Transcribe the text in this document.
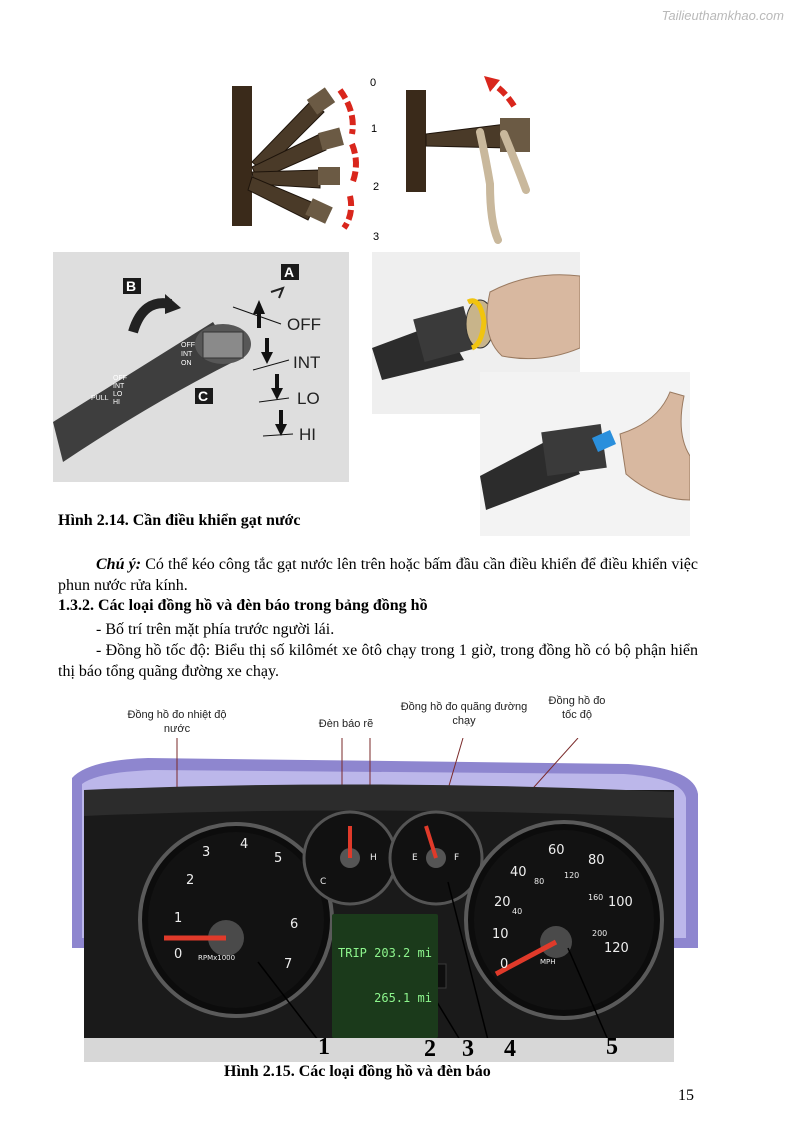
Tailieuthamkhao.com
0
1
2
3
OFF
INT
ON
OFF
INT
LO
HI
PULL
B
A
C
OFF
INT
LO
HI
Hình 2.14. Cần điều khiển gạt nước
Chú ý: Có thể kéo công tắc gạt nước lên trên hoặc bấm đầu cần điều khiển để điều khiển việc phun nước rửa kính.
1.3.2. Các loại đồng hồ và đèn báo trong bảng đồng hồ
- Bố trí trên mặt phía trước người lái.
- Đồng hồ tốc độ: Biểu thị số kilômét xe ôtô chạy trong 1 giờ, trong đồng hồ có bộ phận hiển thị báo tổng quãng đường xe chạy.
Đồng hồ đo nhiệt độ nước	Đèn báo rẽ
Đồng hồ đo quãng đường chạy
Đồng hồ đo tốc độ
0
1
2
3
4
5
6
7
RPMx1000
C
H	E	F
0
10
20
40
60
80
100
120
40
80
120
160
200
MPH

TRIP 203.2 mi

265.1 mi

1	2 3 4	5
Hình 2.15. Các loại đồng hồ và đèn báo
15
